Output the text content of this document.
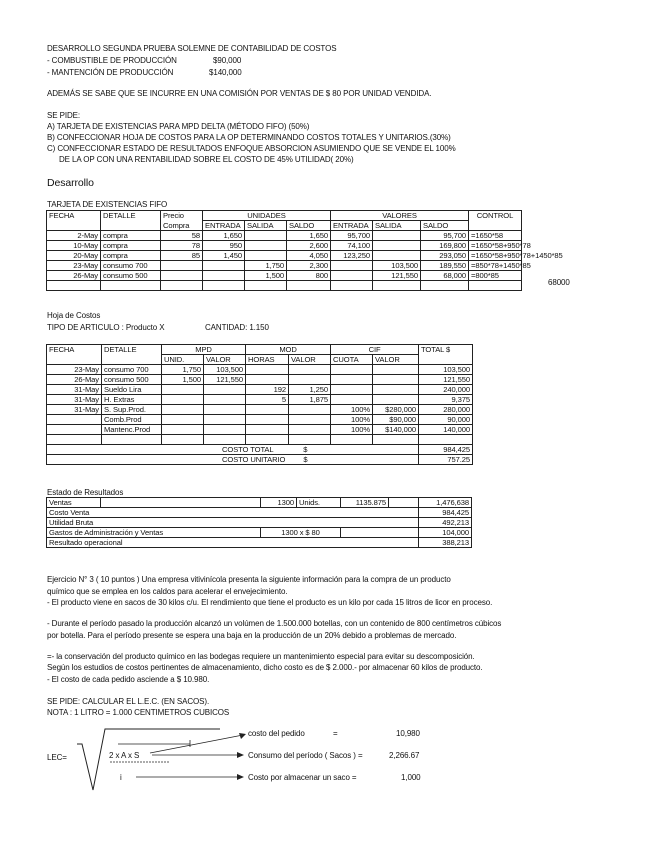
DESARROLLO SEGUNDA PRUEBA SOLEMNE DE CONTABILIDAD DE COSTOS
- COMBUSTIBLE DE PRODUCCIÓN	$90,000
- MANTENCIÓN DE PRODUCCIÓN	$140,000
ADEMÁS SE SABE QUE SE INCURRE EN UNA COMISIÓN POR VENTAS DE $ 80 POR UNIDAD VENDIDA.
SE PIDE:
A) TARJETA DE EXISTENCIAS PARA MPD DELTA (MÉTODO FIFO) (50%)
B) CONFECCIONAR HOJA DE COSTOS PARA LA OP DETERMINANDO COSTOS TOTALES Y UNITARIOS.(30%)
C) CONFECCIONAR ESTADO DE RESULTADOS ENFOQUE ABSORCION ASUMIENDO QUE SE VENDE EL 100%
DE LA OP CON UNA RENTABILIDAD SOBRE EL COSTO DE 45% UTILIDAD( 20%)
Desarrollo
TARJETA DE EXISTENCIAS FIFO
FECHA	DETALLE	Precio	UNIDADES			VALORES			CONTROL
		Compra	ENTRADA	SALIDA	SALDO	ENTRADA	SALIDA	SALDO	
2-May	compra	58	1,650		1,650	95,700		95,700	=1650*58
10-May	compra	78	950		2,600	74,100		169,800	=1650*58+950*78
20-May	compra	85	1,450		4,050	123,250		293,050	=1650*58+950*78+1450*85
23-May	consumo 700			1,750	2,300		103,500	189,550	=850*78+1450*85
26-May	consumo 500			1,500	800		121,550	68,000	=800*85

68000
Hoja de Costos
TIPO DE ARTICULO : Producto X	CANTIDAD: 1.150
FECHA	DETALLE	MPD		MOD		CIF		TOTAL $
		UNID.	VALOR	HORAS	VALOR	CUOTA	VALOR	
23-May	consumo 700	1,750	103,500					103,500
26-May	consumo 500	1,500	121,550					121,550
31-May	Sueldo Lira			192	1,250			240,000
31-May	H. Extras			5	1,875			9,375
31-May	S. Sup.Prod.					100%	$280,000	280,000
	Comb.Prod					100%	$90,000	90,000
	Mantenc.Prod					100%	$140,000	140,000

COSTO TOTAL $								984,425
COSTO UNITARIO $								757.25
Estado de Resultados
Ventas		1300	Unids.	1135.875		1,476,638
Costo Venta						984,425
Utilidad Bruta						492,213
Gastos de Administración y Ventas		1300 x $ 80				104,000
Resultado operacional						388,213
Ejercicio N° 3 ( 10 puntos ) Una empresa vitivinícola presenta la siguiente información para la compra de un producto
químico que se emplea en los caldos para acelerar el envejecimiento.
- El producto viene en sacos de 30 kilos c/u. El rendimiento que tiene el producto es un kilo por cada 15 litros de licor en proceso.
- Durante el período pasado la producción alcanzó un volúmen de 1.500.000 botellas, con un contenido de 800 centímetros cúbicos
por botella. Para el período presente se espera una baja en la producción de un 20% debido a problemas de mercado.
=- la conservación del producto químico en las bodegas requiere un mantenimiento especial para evitar su descomposición.
Según los estudios de costos pertinentes de almacenamiento, dicho costo es de $ 2.000.- por almacenar 60 kilos de producto.
- El costo de cada pedido asciende a $ 10.980.
SE PIDE: CALCULAR EL L.E.C. (EN SACOS).
NOTA : 1 LITRO = 1.000 CENTIMETROS CUBICOS
LEC=	2 x A x S
i
costo del pedido	=	10,980
Consumo del período ( Sacos ) =	2,266.67
Costo por almacenar un saco =	1,000
